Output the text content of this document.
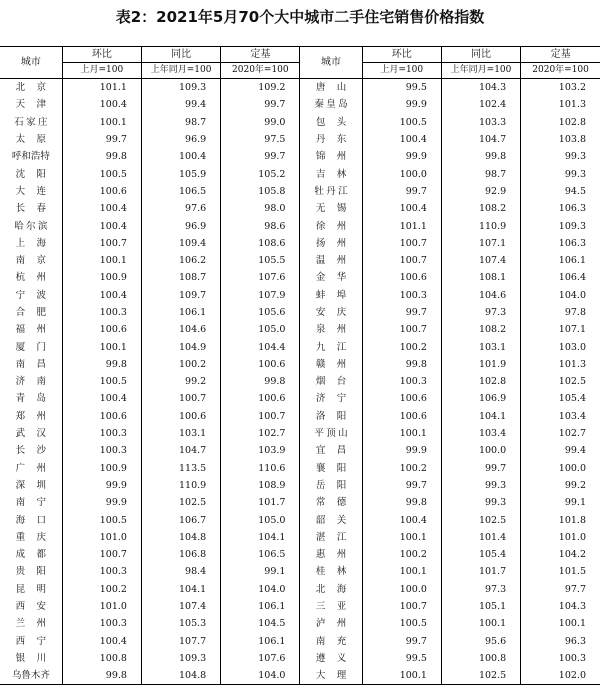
表2：2021年5月70个大中城市二手住宅销售价格指数
城市	环比	同比	定基	城市	环比	同比	定基
	上月=100	上年同月=100	2020年=100		上月=100	上年同月=100	2020年=100
北京	101.1	109.3	109.2	唐山	99.5	104.3	103.2
天津	100.4	99.4	99.7	秦皇岛	99.9	102.4	101.3
石家庄	100.1	98.7	99.0	包头	100.5	103.3	102.8
太原	99.7	96.9	97.5	丹东	100.4	104.7	103.8
呼和浩特	99.8	100.4	99.7	锦州	99.9	99.8	99.3
沈阳	100.5	105.9	105.2	吉林	100.0	98.7	99.3
大连	100.6	106.5	105.8	牡丹江	99.7	92.9	94.5
长春	100.4	97.6	98.0	无锡	100.4	108.2	106.3
哈尔滨	100.4	96.9	98.6	徐州	101.1	110.9	109.3
上海	100.7	109.4	108.6	扬州	100.7	107.1	106.3
南京	100.1	106.2	105.5	温州	100.7	107.4	106.1
杭州	100.9	108.7	107.6	金华	100.6	108.1	106.4
宁波	100.4	109.7	107.9	蚌埠	100.3	104.6	104.0
合肥	100.3	106.1	105.6	安庆	99.7	97.3	97.8
福州	100.6	104.6	105.0	泉州	100.7	108.2	107.1
厦门	100.1	104.9	104.4	九江	100.2	103.1	103.0
南昌	99.8	100.2	100.6	赣州	99.8	101.9	101.3
济南	100.5	99.2	99.8	烟台	100.3	102.8	102.5
青岛	100.4	100.7	100.6	济宁	100.6	106.9	105.4
郑州	100.6	100.6	100.7	洛阳	100.6	104.1	103.4
武汉	100.3	103.1	102.7	平顶山	100.1	103.4	102.7
长沙	100.3	104.7	103.9	宜昌	99.9	100.0	99.4
广州	100.9	113.5	110.6	襄阳	100.2	99.7	100.0
深圳	99.9	110.9	108.9	岳阳	99.7	99.3	99.2
南宁	99.9	102.5	101.7	常德	99.8	99.3	99.1
海口	100.5	106.7	105.0	韶关	100.4	102.5	101.8
重庆	101.0	104.8	104.1	湛江	100.1	101.4	101.0
成都	100.7	106.8	106.5	惠州	100.2	105.4	104.2
贵阳	100.3	98.4	99.1	桂林	100.1	101.7	101.5
昆明	100.2	104.1	104.0	北海	100.0	97.3	97.7
西安	101.0	107.4	106.1	三亚	100.7	105.1	104.3
兰州	100.3	105.3	104.5	泸州	100.5	100.1	100.1
西宁	100.4	107.7	106.1	南充	99.7	95.6	96.3
银川	100.8	109.3	107.6	遵义	99.5	100.8	100.3
乌鲁木齐	99.8	104.8	104.0	大理	100.1	102.5	102.0
